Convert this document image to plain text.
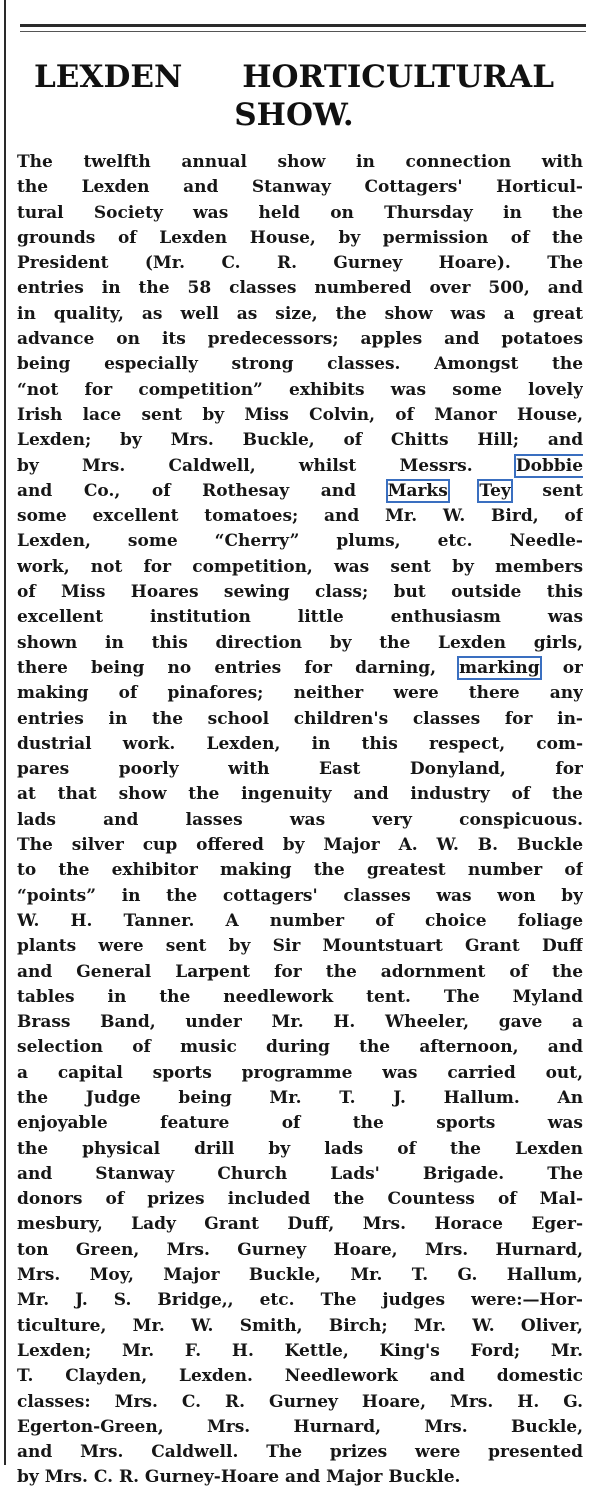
LEXDEN HORTICULTURAL
SHOW.
The twelfth annual show in connection with
the Lexden and Stanway Cottagers' Horticul-
tural Society was held on Thursday in the
grounds of Lexden House, by permission of the
President (Mr. C. R. Gurney Hoare). The
entries in the 58 classes numbered over 500, and
in quality, as well as size, the show was a great
advance on its predecessors; apples and potatoes
being especially strong classes. Amongst the
“not for competition” exhibits was some lovely
Irish lace sent by Miss Colvin, of Manor House,
Lexden; by Mrs. Buckle, of Chitts Hill; and
by	Mrs.	Caldwell,	whilst	Messrs.	Dobbie
and Co., of Rothesay and Marks Tey sent
some excellent tomatoes; and Mr. W. Bird, of
Lexden, some “Cherry” plums, etc. Needle-
work, not for competition, was sent by members
of Miss Hoares sewing class; but outside this
excellent	institution	little	enthusiasm	was
shown in this direction by the Lexden girls,
there being no entries for darning, marking or
making of pinafores; neither were there any
entries in the school children's classes for in-
dustrial work. Lexden, in this respect, com-
pares	poorly	with	East	Donyland,	for
at that show the ingenuity and industry of the
lads	and	lasses	was	very	conspicuous.
The silver cup offered by Major A. W. B. Buckle
to the exhibitor making the greatest number of
“points” in the cottagers' classes was won by
W. H. Tanner. A number of choice foliage
plants were sent by Sir Mountstuart Grant Duff
and General Larpent for the adornment of the
tables in the needlework tent. The Myland
Brass Band, under Mr. H. Wheeler, gave a
selection of music during the afternoon, and
a capital sports programme was carried out,
the Judge being Mr. T. J. Hallum. An
enjoyable	feature	of	the	sports	was
the physical drill by lads of the Lexden
and	Stanway	Church	Lads'	Brigade.	The
donors of prizes included the Countess of Mal-
mesbury, Lady Grant Duff, Mrs. Horace Eger-
ton Green, Mrs. Gurney Hoare, Mrs. Hurnard,
Mrs. Moy, Major Buckle, Mr. T. G. Hallum,
Mr. J. S. Bridge,, etc. The judges were:—Hor-
ticulture, Mr. W. Smith, Birch; Mr. W. Oliver,
Lexden; Mr. F. H. Kettle, King's Ford; Mr.
T. Clayden, Lexden. Needlework and domestic
classes: Mrs. C. R. Gurney Hoare, Mrs. H. G.
Egerton-Green,	Mrs.	Hurnard,	Mrs.	Buckle,
and Mrs. Caldwell. The prizes were presented
by Mrs. C. R. Gurney-Hoare and Major Buckle.
